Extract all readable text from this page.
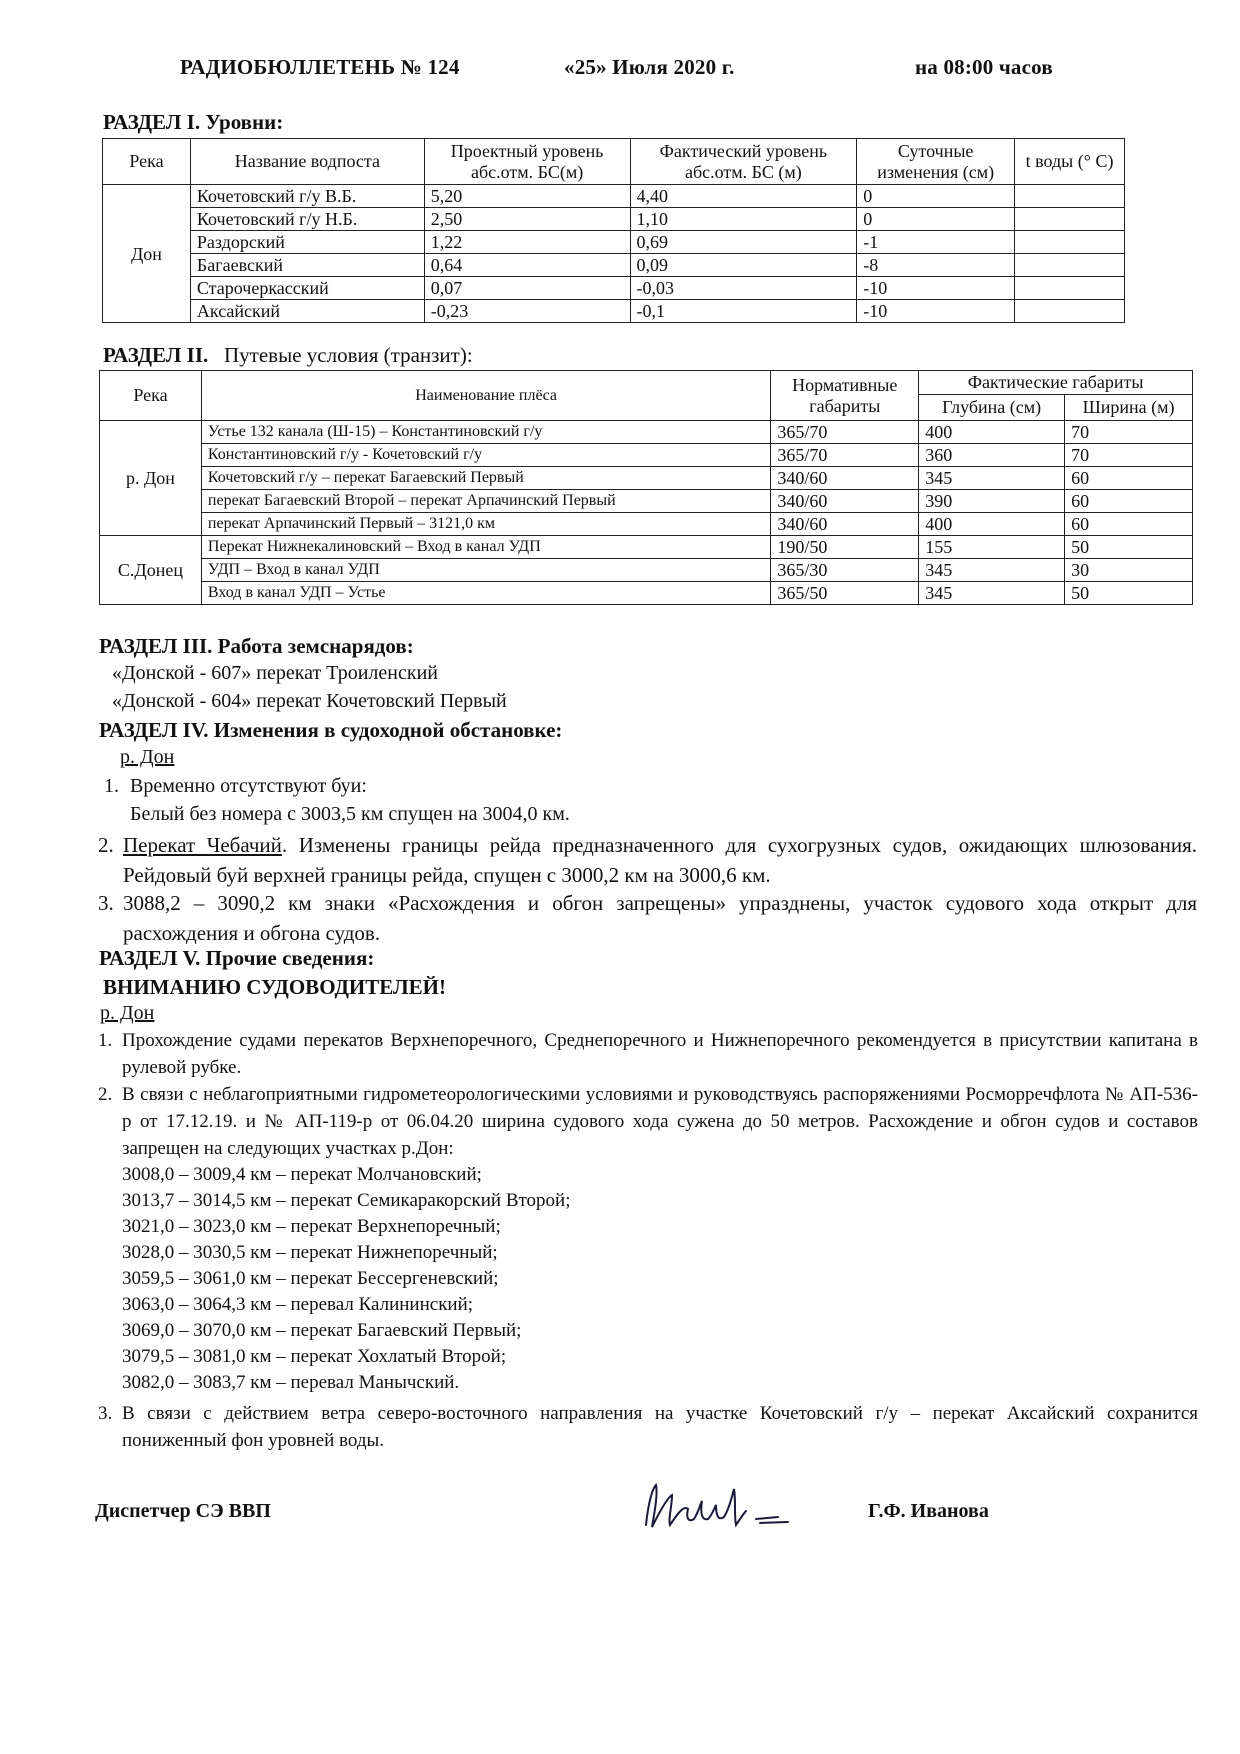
РАДИОБЮЛЛЕТЕНЬ № 124	«25» Июля 2020 г.	на 08:00 часов
РАЗДЕЛ I. Уровни:
Река	Название водпоста	Проектный уровень абс.отм. БС(м)	Фактический уровень абс.отм. БС (м)	Суточные изменения (см)	t воды (° C)
Дон	Кочетовский г/у В.Б.	5,20	4,40	0	
	Кочетовский г/у Н.Б.	2,50	1,10	0	
	Раздорский	1,22	0,69	-1	
	Багаевский	0,64	0,09	-8	
	Старочеркасский	0,07	-0,03	-10	
	Аксайский	-0,23	-0,1	-10	
РАЗДЕЛ II. Путевые условия (транзит):
Река	Наименование плёса	Нормативные габариты	Фактические габариты	
			Глубина (см)	Ширина (м)
р. Дон	Устье 132 канала (Ш-15) – Константиновский г/у	365/70	400	70
	Константиновский г/у - Кочетовский г/у	365/70	360	70
	Кочетовский г/у – перекат Багаевский Первый	340/60	345	60
	перекат Багаевский Второй – перекат Арпачинский Первый	340/60	390	60
	перекат Арпачинский Первый – 3121,0 км	340/60	400	60
С.Донец	Перекат Нижнекалиновский – Вход в канал УДП	190/50	155	50
	УДП – Вход в канал УДП	365/30	345	30
	Вход в канал УДП – Устье	365/50	345	50
РАЗДЕЛ III. Работа земснарядов:
«Донской - 607» перекат Троиленский
«Донской - 604» перекат Кочетовский Первый
РАЗДЕЛ IV. Изменения в судоходной обстановке:
р. Дон
1. Временно отсутствуют буи:
Белый без номера с 3003,5 км спущен на 3004,0 км.
2. Перекат Чебачий. Изменены границы рейда предназначенного для сухогрузных судов, ожидающих шлюзования. Рейдовый буй верхней границы рейда, спущен с 3000,2 км на 3000,6 км.
3. 3088,2 – 3090,2 км знаки «Расхождения и обгон запрещены» упразднены, участок судового хода открыт для расхождения и обгона судов.
РАЗДЕЛ V. Прочие сведения:
ВНИМАНИЮ СУДОВОДИТЕЛЕЙ!
р. Дон
1. Прохождение судами перекатов Верхнепоречного, Среднепоречного и Нижнепоречного рекомендуется в присутствии капитана в рулевой рубке.
2. В связи с неблагоприятными гидрометеорологическими условиями и руководствуясь распоряжениями Росморречфлота № АП-536-р от 17.12.19. и № АП-119-р от 06.04.20 ширина судового хода сужена до 50 метров. Расхождение и обгон судов и составов запрещен на следующих участках р.Дон:
3008,0 – 3009,4 км – перекат Молчановский;
3013,7 – 3014,5 км – перекат Семикаракорский Второй;
3021,0 – 3023,0 км – перекат Верхнепоречный;
3028,0 – 3030,5 км – перекат Нижнепоречный;
3059,5 – 3061,0 км – перекат Бессергеневский;
3063,0 – 3064,3 км – перевал Калининский;
3069,0 – 3070,0 км – перекат Багаевский Первый;
3079,5 – 3081,0 км – перекат Хохлатый Второй;
3082,0 – 3083,7 км – перевал Манычский.
3. В связи с действием ветра северо-восточного направления на участке Кочетовский г/у – перекат Аксайский сохранится пониженный фон уровней воды.
Диспетчер СЭ ВВП	Г.Ф. Иванова
